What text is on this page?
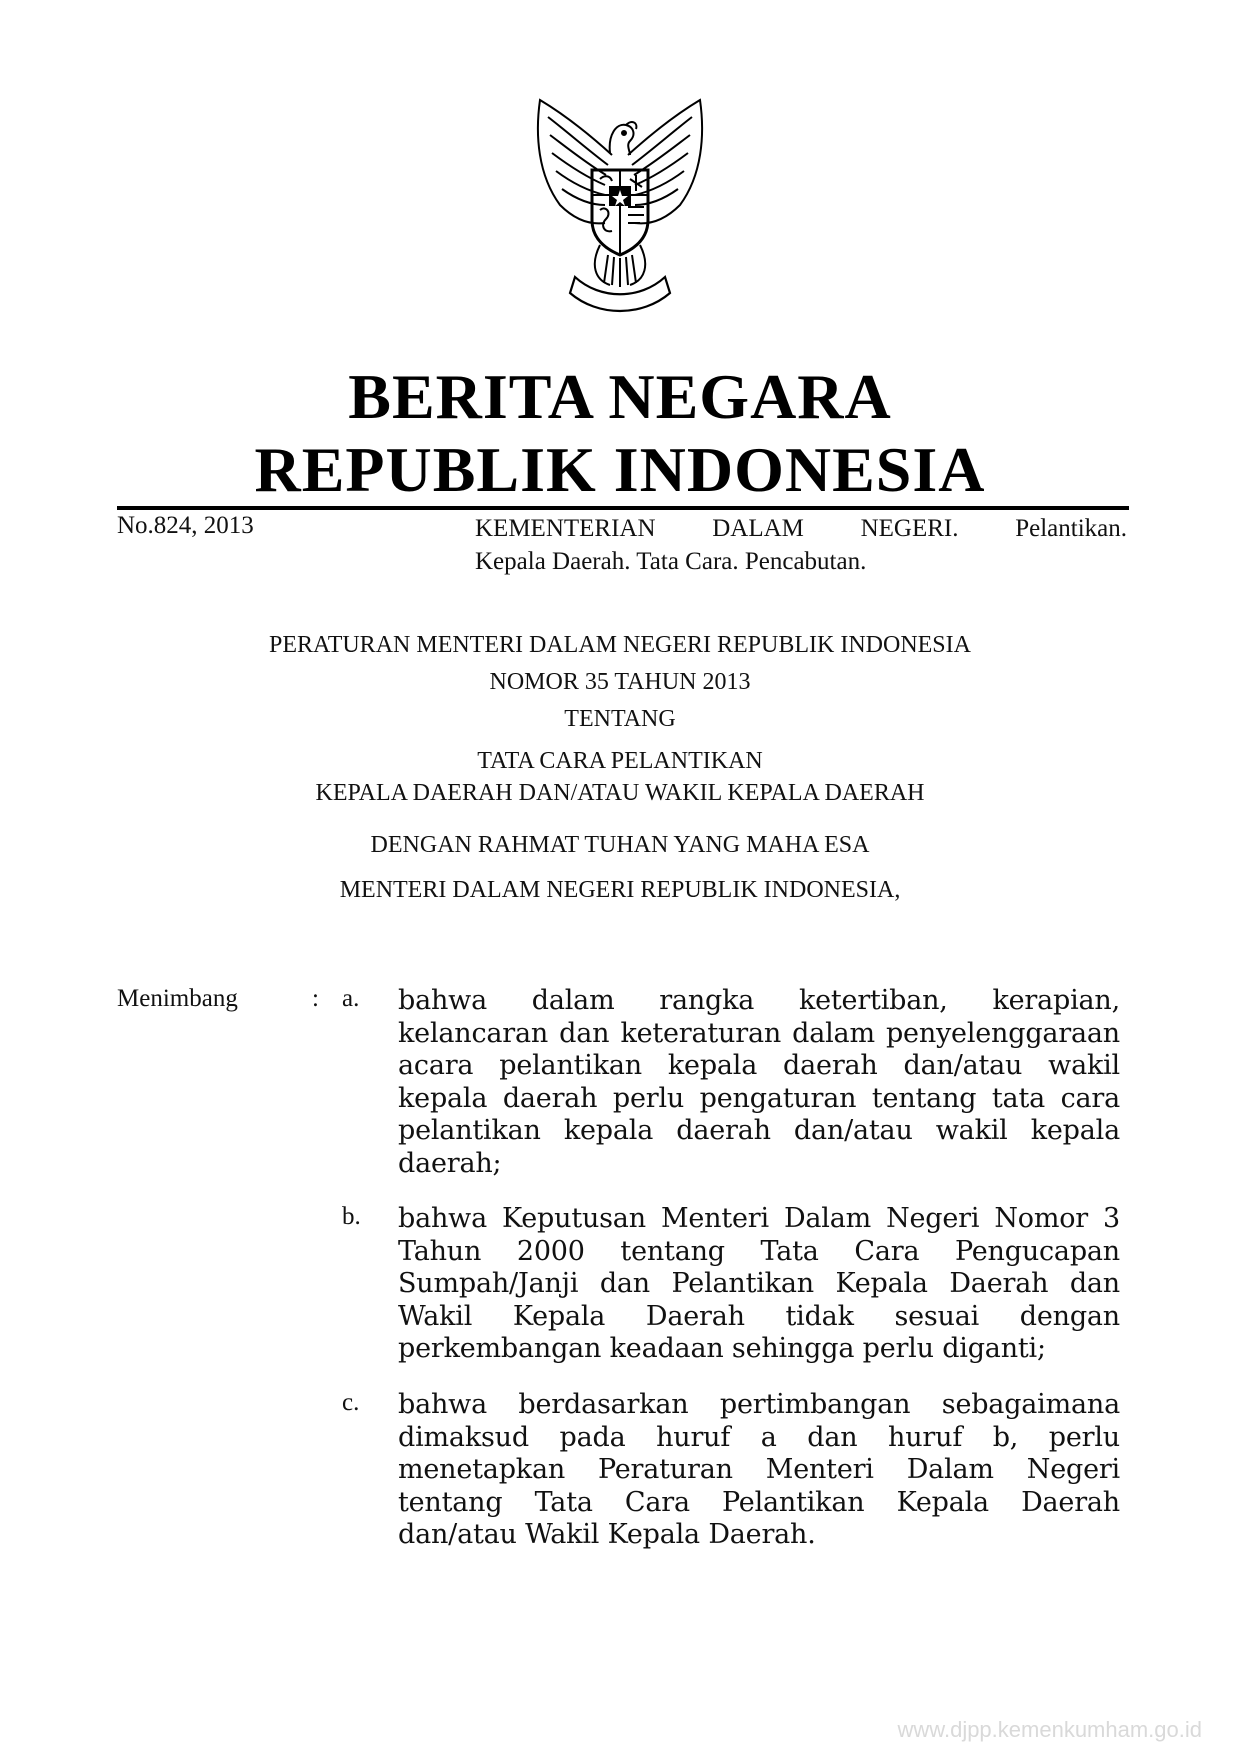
BERITA NEGARA
REPUBLIK INDONESIA
No.824, 2013	KEMENTERIAN DALAM NEGERI. Pelantikan.
Kepala Daerah. Tata Cara. Pencabutan.
PERATURAN MENTERI DALAM NEGERI REPUBLIK INDONESIA
NOMOR 35 TAHUN 2013
TENTANG
TATA CARA PELANTIKAN
KEPALA DAERAH DAN/ATAU WAKIL KEPALA DAERAH
DENGAN RAHMAT TUHAN YANG MAHA ESA
MENTERI DALAM NEGERI REPUBLIK INDONESIA,
Menimbang	: a. bahwa dalam rangka ketertiban, kerapian, kelancaran dan keteraturan dalam penyelenggaraan acara pelantikan kepala daerah dan/atau wakil kepala daerah perlu pengaturan tentang tata cara pelantikan kepala daerah dan/atau wakil kepala daerah;
b. bahwa Keputusan Menteri Dalam Negeri Nomor 3 Tahun 2000 tentang Tata Cara Pengucapan Sumpah/Janji dan Pelantikan Kepala Daerah dan Wakil Kepala Daerah tidak sesuai dengan perkembangan keadaan sehingga perlu diganti;
c. bahwa berdasarkan pertimbangan sebagaimana dimaksud pada huruf a dan huruf b, perlu menetapkan Peraturan Menteri Dalam Negeri tentang Tata Cara Pelantikan Kepala Daerah dan/atau Wakil Kepala Daerah.
www.djpp.kemenkumham.go.id
